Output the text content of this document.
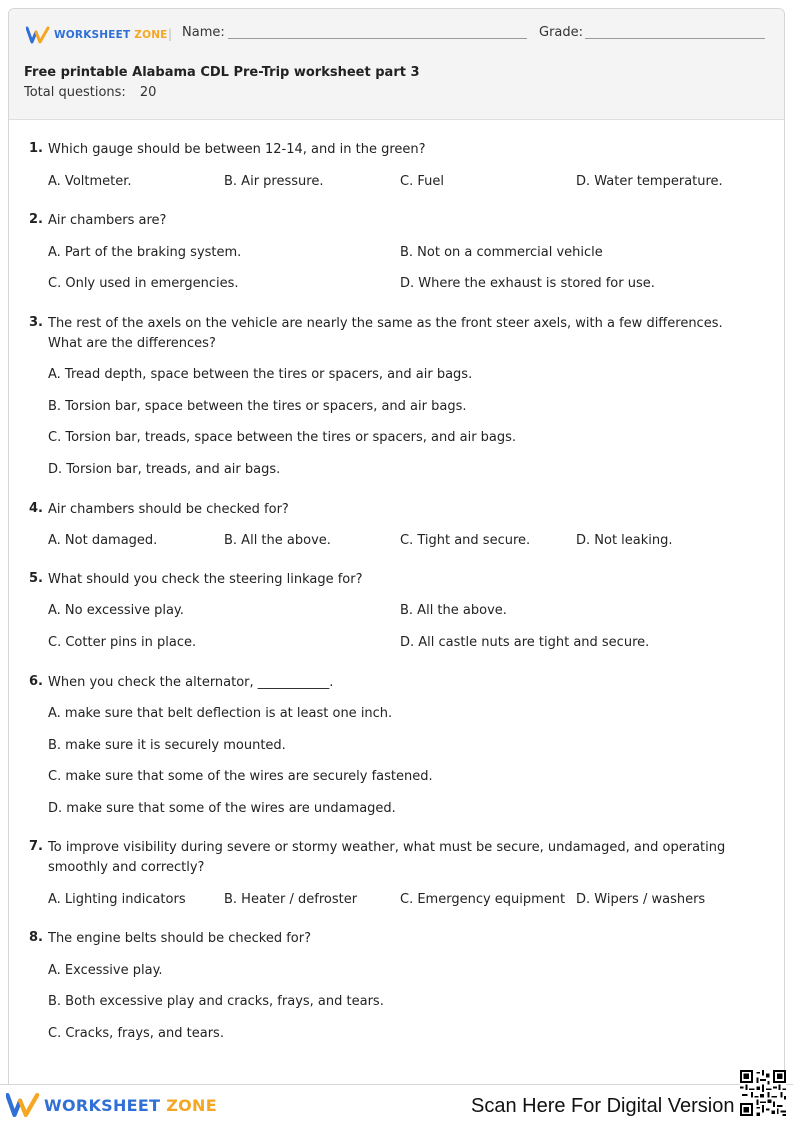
WORKSHEET ZONE | Name:	Grade:
Free printable Alabama CDL Pre-Trip worksheet part 3
Total questions: 20
1. Which gauge should be between 12-14, and in the green?
A. Voltmeter.	B. Air pressure.	C. Fuel	D. Water temperature.
2. Air chambers are?
A. Part of the braking system.	B. Not on a commercial vehicle
C. Only used in emergencies.	D. Where the exhaust is stored for use.
3. The rest of the axels on the vehicle are nearly the same as the front steer axels, with a few differences. What are the differences?
A. Tread depth, space between the tires or spacers, and air bags.
B. Torsion bar, space between the tires or spacers, and air bags.
C. Torsion bar, treads, space between the tires or spacers, and air bags.
D. Torsion bar, treads, and air bags.
4. Air chambers should be checked for?
A. Not damaged.	B. All the above.	C. Tight and secure.	D. Not leaking.
5. What should you check the steering linkage for?
A. No excessive play.	B. All the above.
C. Cotter pins in place.	D. All castle nuts are tight and secure.
6. When you check the alternator, ___________.
A. make sure that belt deflection is at least one inch.
B. make sure it is securely mounted.
C. make sure that some of the wires are securely fastened.
D. make sure that some of the wires are undamaged.
7. To improve visibility during severe or stormy weather, what must be secure, undamaged, and operating smoothly and correctly?
A. Lighting indicators	B. Heater / defroster	C. Emergency equipment D. Wipers / washers
8. The engine belts should be checked for?
A. Excessive play.
B. Both excessive play and cracks, frays, and tears.
C. Cracks, frays, and tears.
WORKSHEET ZONE	Scan Here For Digital Version
